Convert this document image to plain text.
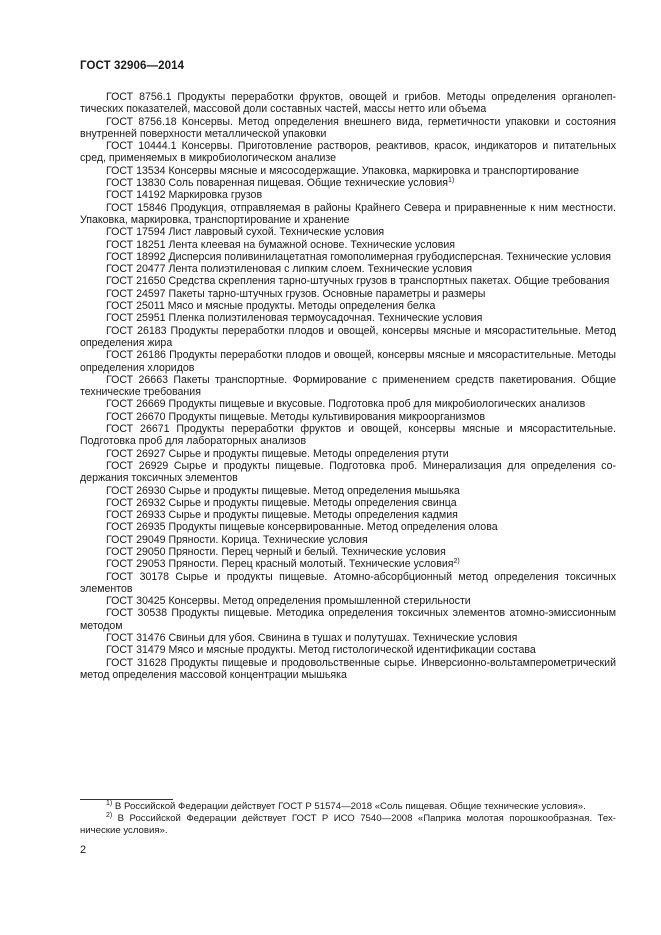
ГОСТ 32906—2014

ГОСТ 8756.1 Продукты переработки фруктов, овощей и грибов. Методы определения органолептических показателей, массовой доли составных частей, массы нетто или объема

ГОСТ 8756.18 Консервы. Метод определения внешнего вида, герметичности упаковки и состояния внутренней поверхности металлической упаковки

ГОСТ 10444.1 Консервы. Приготовление растворов, реактивов, красок, индикаторов и питательных сред, применяемых в микробиологическом анализе

ГОСТ 13534 Консервы мясные и мясосодержащие. Упаковка, маркировка и транспортирование

ГОСТ 13830 Соль поваренная пищевая. Общие технические условия$^{1)}$

ГОСТ 14192 Маркировка грузов

ГОСТ 15846 Продукция, отправляемая в районы Крайнего Севера и приравненные к ним местности. Упаковка, маркировка, транспортирование и хранение

ГОСТ 17594 Лист лавровый сухой. Технические условия

ГОСТ 18251 Лента клеевая на бумажной основе. Технические условия

ГОСТ 18992 Дисперсия поливинилацетатная гомополимерная грубодисперсная. Технические условия

ГОСТ 20477 Лента полиэтиленовая с липким слоем. Технические условия

ГОСТ 21650 Средства скрепления тарно-штучных грузов в транспортных пакетах. Общие требования

ГОСТ 24597 Пакеты тарно-штучных грузов. Основные параметры и размеры

ГОСТ 25011 Мясо и мясные продукты. Методы определения белка

ГОСТ 25951 Пленка полиэтиленовая термоусадочная. Технические условия

ГОСТ 26183 Продукты переработки плодов и овощей, консервы мясные и мясорастительные. Метод определения жира

ГОСТ 26186 Продукты переработки плодов и овощей, консервы мясные и мясорастительные. Методы определения хлоридов

ГОСТ 26663 Пакеты транспортные. Формирование с применением средств пакетирования. Общие технические требования

ГОСТ 26669 Продукты пищевые и вкусовые. Подготовка проб для микробиологических анализов

ГОСТ 26670 Продукты пищевые. Методы культивирования микроорганизмов

ГОСТ 26671 Продукты переработки фруктов и овощей, консервы мясные и мясорастительные. Подготовка проб для лабораторных анализов

ГОСТ 26927 Сырье и продукты пищевые. Методы определения ртути

ГОСТ 26929 Сырье и продукты пищевые. Подготовка проб. Минерализация для определения содержания токсичных элементов

ГОСТ 26930 Сырье и продукты пищевые. Метод определения мышьяка

ГОСТ 26932 Сырье и продукты пищевые. Методы определения свинца

ГОСТ 26933 Сырье и продукты пищевые. Методы определения кадмия

ГОСТ 26935 Продукты пищевые консервированные. Метод определения олова

ГОСТ 29049 Пряности. Корица. Технические условия

ГОСТ 29050 Пряности. Перец черный и белый. Технические условия

ГОСТ 29053 Пряности. Перец красный молотый. Технические условия$^{2)}$

ГОСТ 30178 Сырье и продукты пищевые. Атомно-абсорбционный метод определения токсичных элементов

ГОСТ 30425 Консервы. Метод определения промышленной стерильности

ГОСТ 30538 Продукты пищевые. Методика определения токсичных элементов атомно-эмиссионным методом

ГОСТ 31476 Свиньи для убоя. Свинина в тушах и полутушах. Технические условия

ГОСТ 31479 Мясо и мясные продукты. Метод гистологической идентификации состава

ГОСТ 31628 Продукты пищевые и продовольственные сырье. Инверсионно-вольтамперометрический метод определения массовой концентрации мышьяка

$^{1)}$ В Российской Федерации действует ГОСТ Р 51574—2018 «Соль пищевая. Общие технические условия».

$^{2)}$ В Российской Федерации действует ГОСТ Р ИСО 7540—2008 «Паприка молотая порошкообразная. Технические условия».

2
